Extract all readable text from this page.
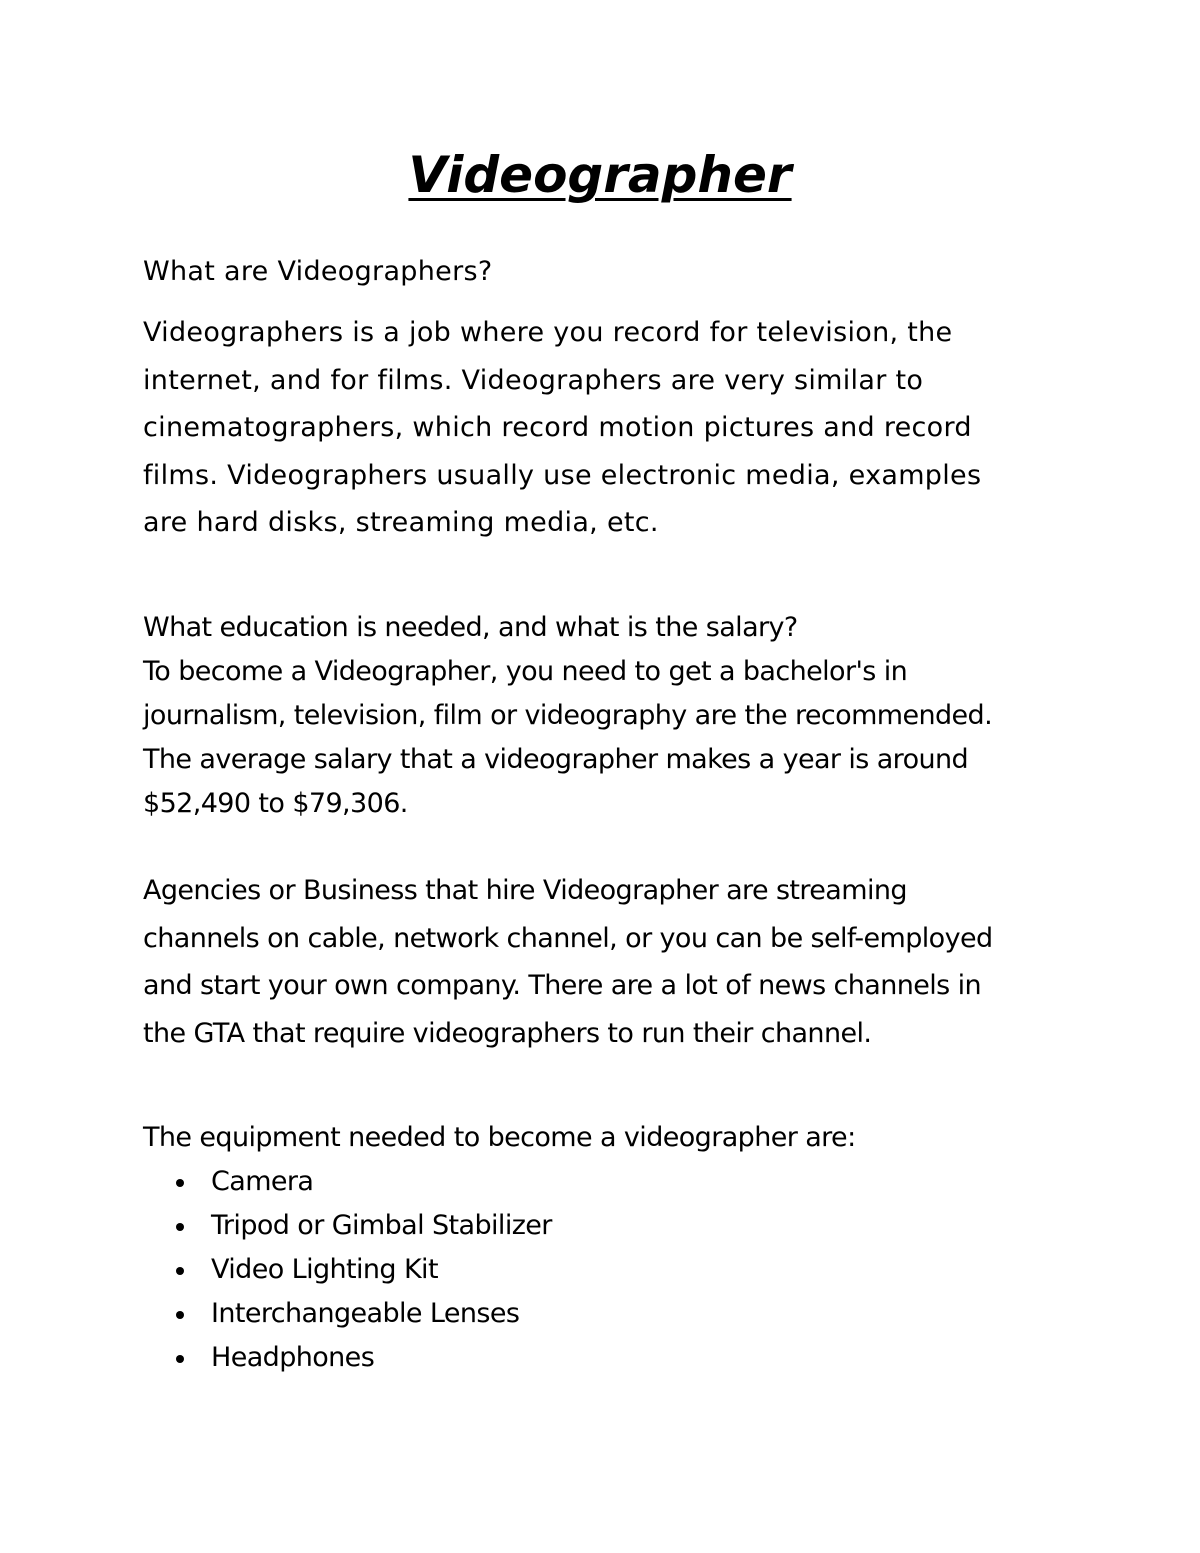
Videographer

What are Videographers?

Videographers is a job where you record for television, the
internet, and for films. Videographers are very similar to
cinematographers, which record motion pictures and record
films. Videographers usually use electronic media, examples
are hard disks, streaming media, etc.

What education is needed, and what is the salary?

To become a Videographer, you need to get a bachelor's in
journalism, television, film or videography are the recommended.
The average salary that a videographer makes a year is around
$52,490 to $79,306.

Agencies or Business that hire Videographer are streaming
channels on cable, network channel, or you can be self-employed
and start your own company. There are a lot of news channels in
the GTA that require videographers to run their channel.

The equipment needed to become a videographer are:

Camera
Tripod or Gimbal Stabilizer
Video Lighting Kit
Interchangeable Lenses
Headphones
